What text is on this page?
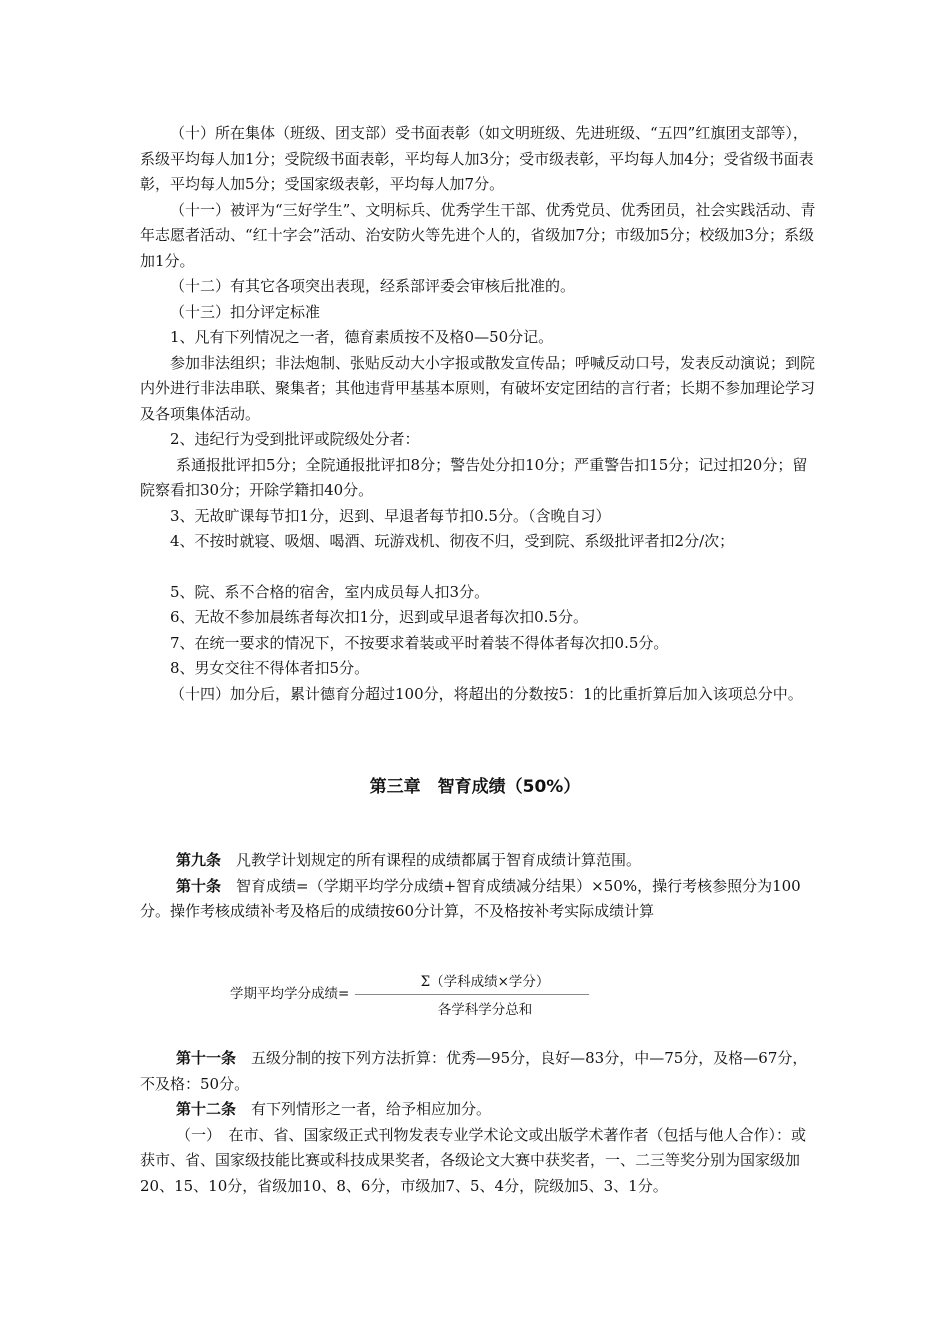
（十）所在集体（班级、团支部）受书面表彰（如文明班级、先进班级、“五四”红旗团支部等），系级平均每人加1分；受院级书面表彰，平均每人加3分；受市级表彰，平均每人加4分；受省级书面表彰，平均每人加5分；受国家级表彰，平均每人加7分。

（十一）被评为“三好学生”、文明标兵、优秀学生干部、优秀党员、优秀团员，社会实践活动、青年志愿者活动、“红十字会”活动、治安防火等先进个人的，省级加7分；市级加5分；校级加3分；系级加1分。

（十二）有其它各项突出表现，经系部评委会审核后批准的。

（十三）扣分评定标准

1、凡有下列情况之一者，德育素质按不及格0—50分记。

参加非法组织；非法炮制、张贴反动大小字报或散发宣传品；呼喊反动口号，发表反动演说；到院内外进行非法串联、聚集者；其他违背甲基基本原则，有破坏安定团结的言行者；长期不参加理论学习及各项集体活动。

2、违纪行为受到批评或院级处分者：

系通报批评扣5分；全院通报批评扣8分；警告处分扣10分；严重警告扣15分；记过扣20分；留院察看扣30分；开除学籍扣40分。

3、无故旷课每节扣1分，迟到、早退者每节扣0.5分。（含晚自习）

4、不按时就寝、吸烟、喝酒、玩游戏机、彻夜不归，受到院、系级批评者扣2分/次；

5、院、系不合格的宿舍，室内成员每人扣3分。

6、无故不参加晨练者每次扣1分，迟到或早退者每次扣0.5分。

7、在统一要求的情况下，不按要求着装或平时着装不得体者每次扣0.5分。

8、男女交往不得体者扣5分。

（十四）加分后，累计德育分超过100分，将超出的分数按5：1的比重折算后加入该项总分中。

第三章　智育成绩（50%）

第九条　 凡教学计划规定的所有课程的成绩都属于智育成绩计算范围。

第十条　 智育成绩=（学期平均学分成绩+智育成绩减分结果）×50%，操行考核参照分为100分。操作考核成绩补考及格后的成绩按60分计算，不及格按补考实际成绩计算

学期平均学分成绩=
Σ（学科成绩×学分）
各学科学分总和

第十一条　 五级分制的按下列方法折算：优秀—95分，良好—83分，中—75分，及格—67分，不及格：50分。

第十二条　 有下列情形之一者，给予相应加分。

（一）　在市、省、国家级正式刊物发表专业学术论文或出版学术著作者（包括与他人合作）：或获市、省、国家级技能比赛或科技成果奖者，各级论文大赛中获奖者，一、二三等奖分别为国家级加20、15、10分，省级加10、8、6分，市级加7、5、4分，院级加5、3、1分。
